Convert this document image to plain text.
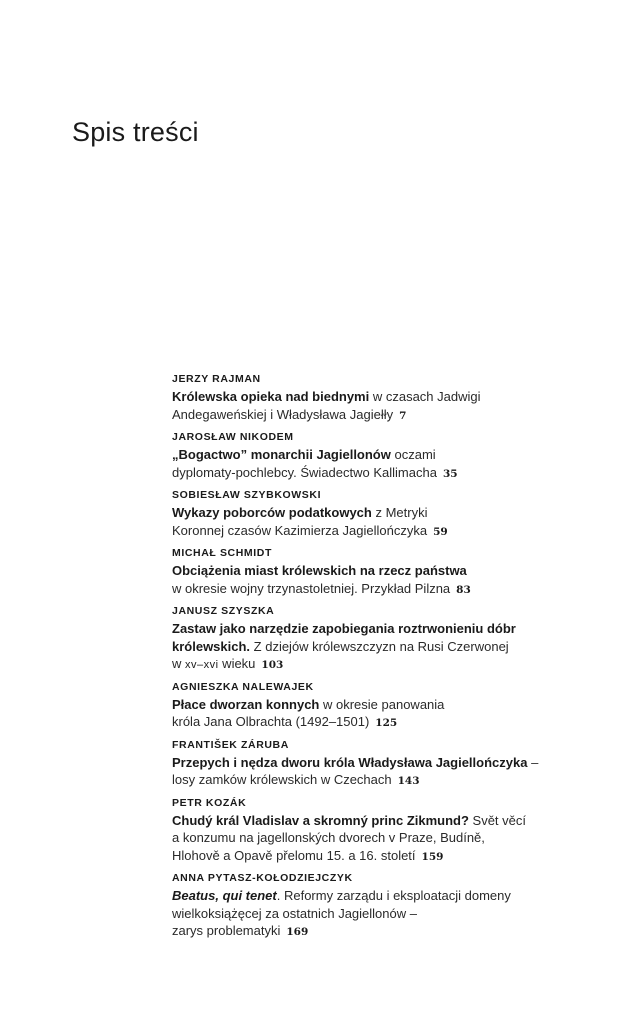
Spis treści
JERZY RAJMAN
Królewska opieka nad biednymi w czasach Jadwigi
Andegaweńskiej i Władysława Jagiełły 7
JAROSŁAW NIKODEM
„Bogactwo” monarchii Jagiellonów oczami
dyplomaty-pochlebcy. Świadectwo Kallimacha 35
SOBIESŁAW SZYBKOWSKI
Wykazy poborców podatkowych z Metryki
Koronnej czasów Kazimierza Jagiellończyka 59
MICHAŁ SCHMIDT
Obciążenia miast królewskich na rzecz państwa
w okresie wojny trzynastoletniej. Przykład Pilzna 83
JANUSZ SZYSZKA
Zastaw jako narzędzie zapobiegania roztrwonieniu dóbr
królewskich. Z dziejów królewszczyzn na Rusi Czerwonej
w xv–xvi wieku 103
AGNIESZKA NALEWAJEK
Płace dworzan konnych w okresie panowania
króla Jana Olbrachta (1492–1501) 125
FRANTIŠEK ZÁRUBA
Przepych i nędza dworu króla Władysława Jagiellończyka –
losy zamków królewskich w Czechach 143
PETR KOZÁK
Chudý král Vladislav a skromný princ Zikmund? Svět věcí
a konzumu na jagellonských dvorech v Praze, Budíně,
Hlohově a Opavě přelomu 15. a 16. století 159
ANNA PYTASZ-KOŁODZIEJCZYK
Beatus, qui tenet. Reformy zarządu i eksploatacji domeny
wielkoksiążęcej za ostatnich Jagiellonów –
zarys problematyki 169
